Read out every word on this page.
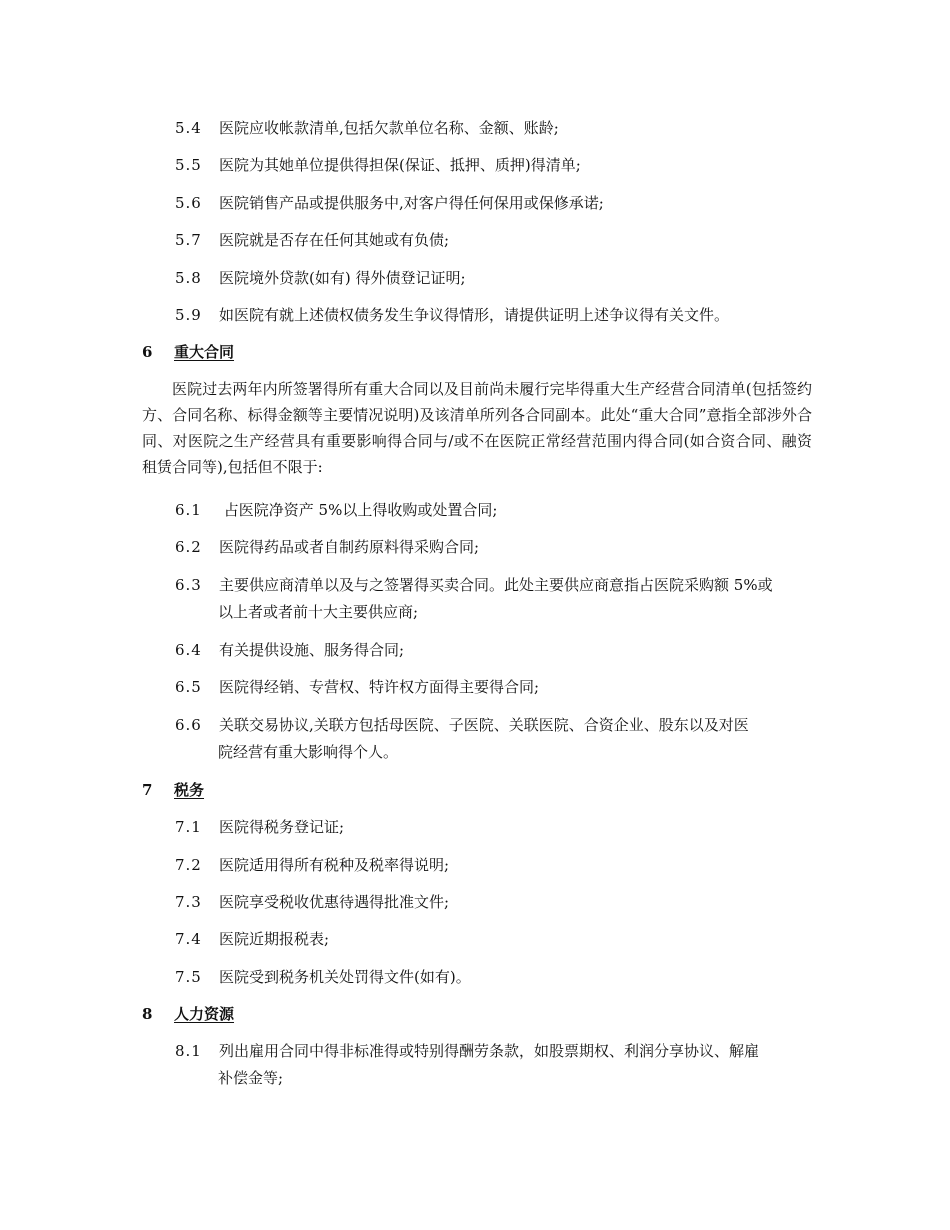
5.4 医院应收帐款清单,包括欠款单位名称、金额、账龄;
5.5 医院为其她单位提供得担保(保证、抵押、质押)得清单;
5.6 医院销售产品或提供服务中,对客户得任何保用或保修承诺;
5.7 医院就是否存在任何其她或有负债;
5.8 医院境外贷款(如有) 得外债登记证明;
5.9 如医院有就上述债权债务发生争议得情形，请提供证明上述争议得有关文件。
6 重大合同
医院过去两年内所签署得所有重大合同以及目前尚未履行完毕得重大生产经营合同清单(包括签约方、合同名称、标得金额等主要情况说明)及该清单所列各合同副本。此处“重大合同”意指全部涉外合同、对医院之生产经营具有重要影响得合同与/或不在医院正常经营范围内得合同(如合资合同、融资租赁合同等),包括但不限于:
6.1 占医院净资产 5%以上得收购或处置合同;
6.2 医院得药品或者自制药原料得采购合同;
6.3 主要供应商清单以及与之签署得买卖合同。此处主要供应商意指占医院采购额 5%或
以上者或者前十大主要供应商;
6.4 有关提供设施、服务得合同;
6.5 医院得经销、专营权、特许权方面得主要得合同;
6.6 关联交易协议,关联方包括母医院、子医院、关联医院、合资企业、股东以及对医
院经营有重大影响得个人。
7 税务
7.1 医院得税务登记证;
7.2 医院适用得所有税种及税率得说明;
7.3 医院享受税收优惠待遇得批准文件;
7.4 医院近期报税表;
7.5 医院受到税务机关处罚得文件(如有)。
8 人力资源
8.1 列出雇用合同中得非标准得或特别得酬劳条款，如股票期权、利润分享协议、解雇
补偿金等;
